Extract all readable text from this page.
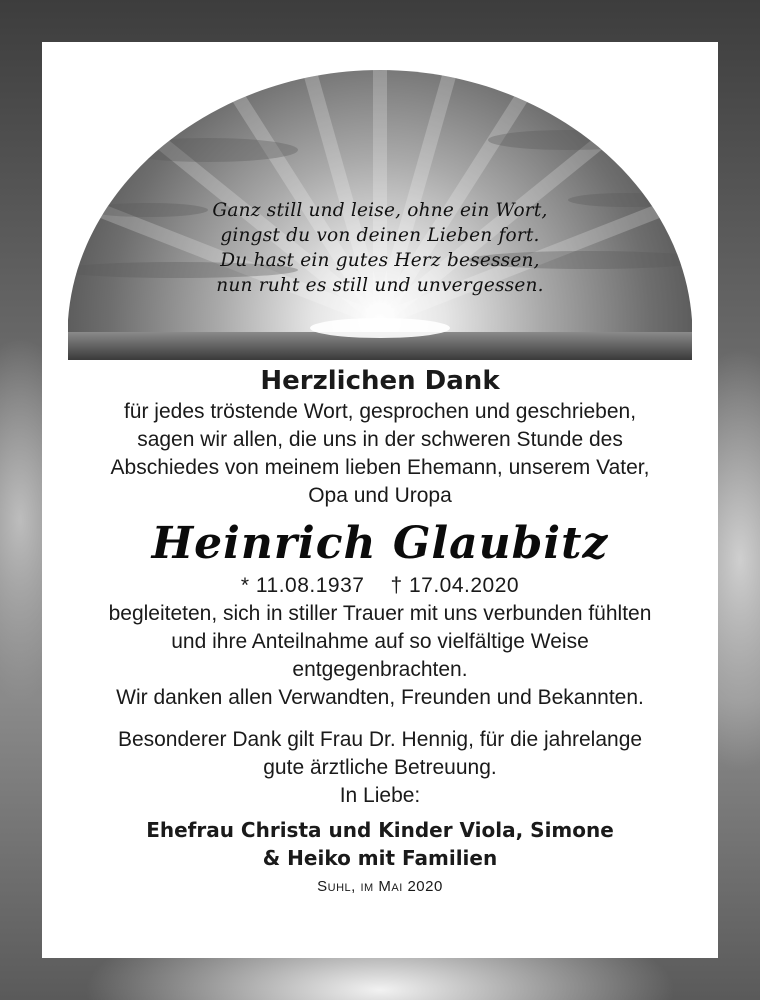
Ganz still und leise, ohne ein Wort,
gingst du von deinen Lieben fort.
Du hast ein gutes Herz besessen,
nun ruht es still und unvergessen.
Herzlichen Dank
für jedes tröstende Wort, gesprochen und geschrieben,
sagen wir allen, die uns in der schweren Stunde des
Abschiedes von meinem lieben Ehemann, unserem Vater,
Opa und Uropa
Heinrich Glaubitz
* 11.08.1937 † 17.04.2020
begleiteten, sich in stiller Trauer mit uns verbunden fühlten
und ihre Anteilnahme auf so vielfältige Weise
entgegenbrachten.
Wir danken allen Verwandten, Freunden und Bekannten.
Besonderer Dank gilt Frau Dr. Hennig, für die jahrelange
gute ärztliche Betreuung.
In Liebe:
Ehefrau Christa und Kinder Viola, Simone
& Heiko mit Familien
Suhl, im Mai 2020
